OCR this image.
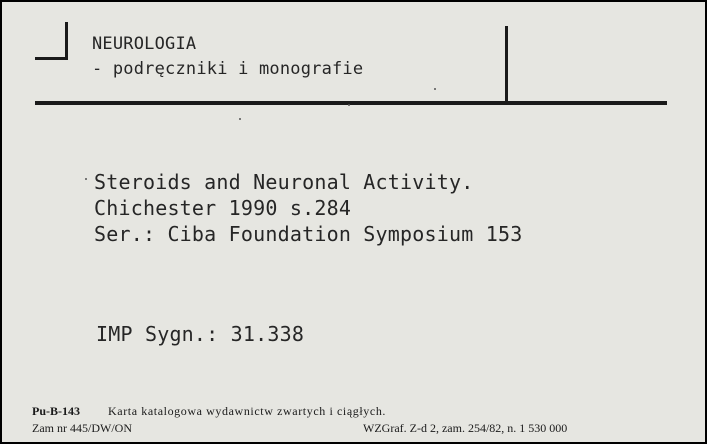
NEUROLOGIA
- podręczniki i monografie
Steroids and Neuronal Activity.
Chichester 1990 s.284
Ser.: Ciba Foundation Symposium 153
IMP Sygn.: 31.338
Pu-B-143 Karta katalogowa wydawnictw zwartych i ciągłych.
Zam nr 445/DW/ON	WZGraf. Z-d 2, zam. 254/82, n. 1 530 000
